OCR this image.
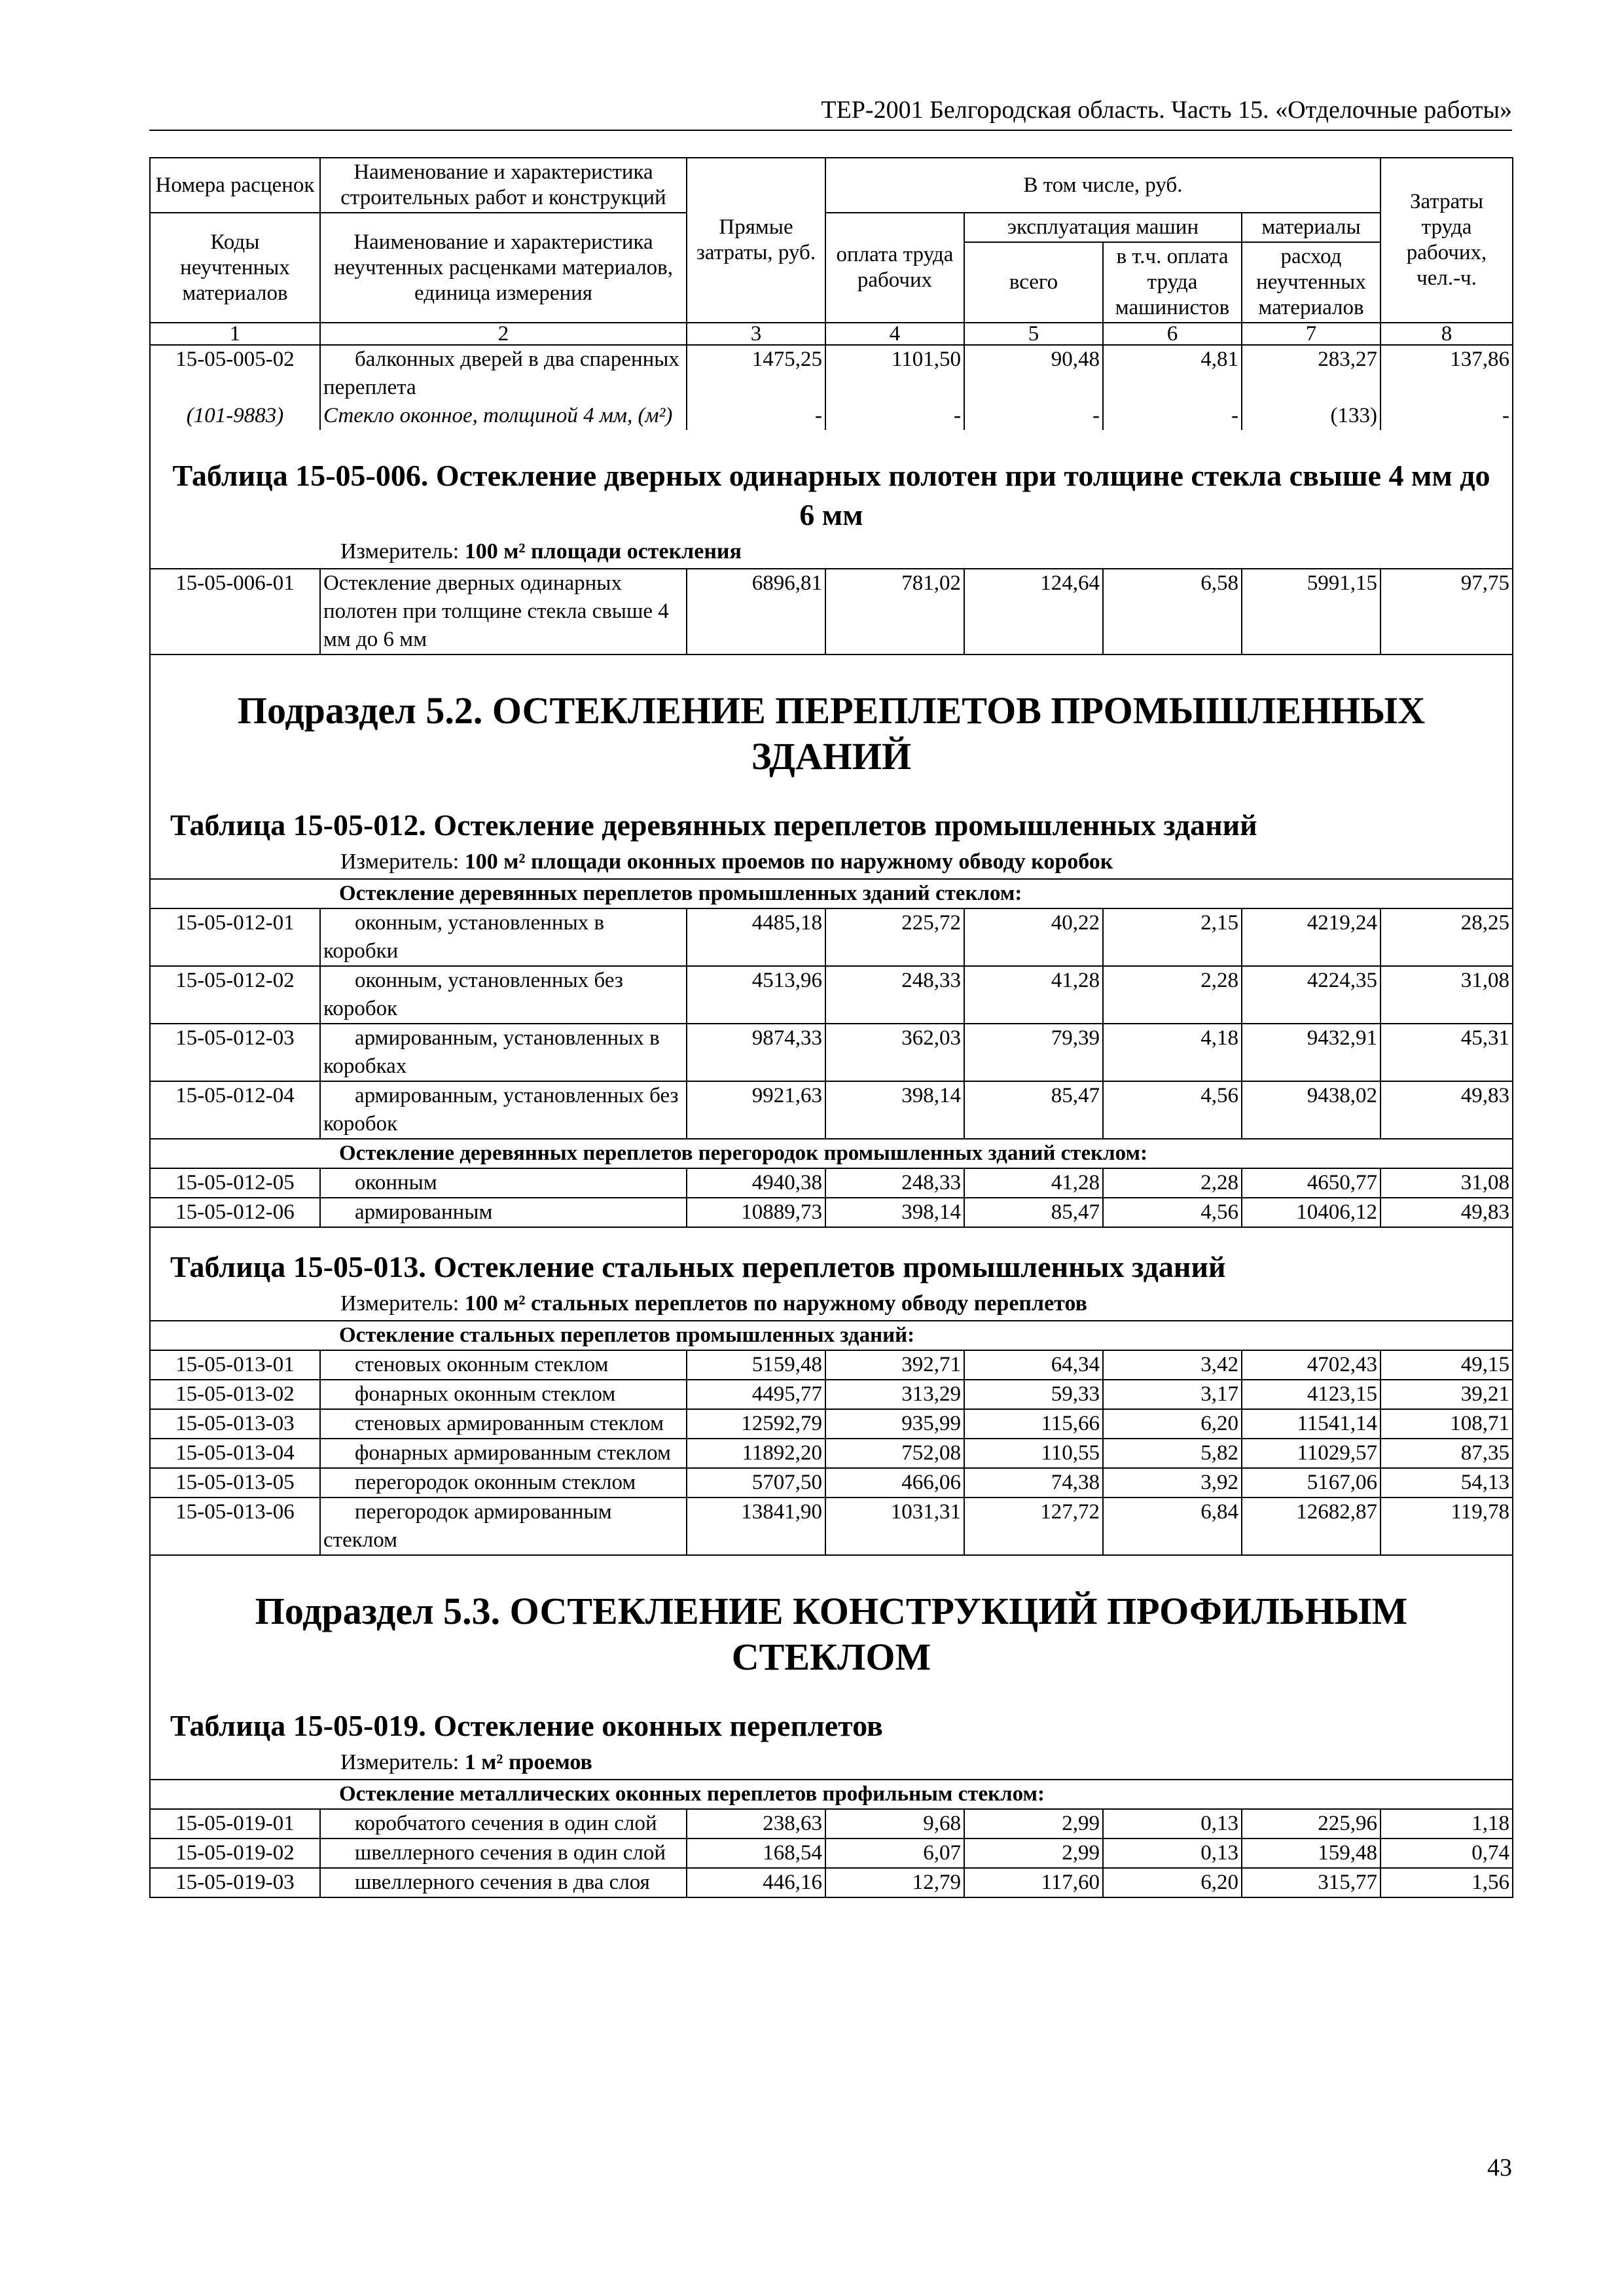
ТЕР-2001 Белгородская область. Часть 15. «Отделочные работы»
Номера расценок	Наименование и характеристика строительных работ и конструкций	Прямые затраты, руб.	В том числе, руб.				Затраты труда рабочих, чел.-ч.
Коды неучтенных материалов	Наименование и характеристика неучтенных расценками материалов, единица измерения		оплата труда рабочих	эксплуатация машин		материалы	
				всего	в т.ч. оплата труда машинистов	расход неучтенных материалов	
1	2	3	4	5	6	7	8
15-05-005-02	балконных дверей в два спаренных переплета	1475,25	1101,50	90,48	4,81	283,27	137,86
(101-9883)	Стекло оконное, толщиной 4 мм, (м²)	-	-	-	-	(133)	-

Таблица 15-05-006. Остекление дверных одинарных полотен при толщине стекла свыше 4 мм до 6 мм
Измеритель: 100 м² площади остекления							

15-05-006-01	Остекление дверных одинарных полотен при толщине стекла свыше 4 мм до 6 мм	6896,81	781,02	124,64	6,58	5991,15	97,75

Подраздел 5.2. ОСТЕКЛЕНИЕ ПЕРЕПЛЕТОВ ПРОМЫШЛЕННЫХ ЗДАНИЙ
Таблица 15-05-012. Остекление деревянных переплетов промышленных зданий
Измеритель: 100 м² площади оконных проемов по наружному обводу коробок							

Остекление деревянных переплетов промышленных зданий стеклом:							
15-05-012-01	оконным, установленных в коробки	4485,18	225,72	40,22	2,15	4219,24	28,25
15-05-012-02	оконным, установленных без коробок	4513,96	248,33	41,28	2,28	4224,35	31,08
15-05-012-03	армированным, установленных в коробках	9874,33	362,03	79,39	4,18	9432,91	45,31
15-05-012-04	армированным, установленных без коробок	9921,63	398,14	85,47	4,56	9438,02	49,83
Остекление деревянных переплетов перегородок промышленных зданий стеклом:							
15-05-012-05	оконным	4940,38	248,33	41,28	2,28	4650,77	31,08
15-05-012-06	армированным	10889,73	398,14	85,47	4,56	10406,12	49,83

Таблица 15-05-013. Остекление стальных переплетов промышленных зданий
Измеритель: 100 м² стальных переплетов по наружному обводу переплетов							

Остекление стальных переплетов промышленных зданий:							
15-05-013-01	стеновых оконным стеклом	5159,48	392,71	64,34	3,42	4702,43	49,15
15-05-013-02	фонарных оконным стеклом	4495,77	313,29	59,33	3,17	4123,15	39,21
15-05-013-03	стеновых армированным стеклом	12592,79	935,99	115,66	6,20	11541,14	108,71
15-05-013-04	фонарных армированным стеклом	11892,20	752,08	110,55	5,82	11029,57	87,35
15-05-013-05	перегородок оконным стеклом	5707,50	466,06	74,38	3,92	5167,06	54,13
15-05-013-06	перегородок армированным стеклом	13841,90	1031,31	127,72	6,84	12682,87	119,78

Подраздел 5.3. ОСТЕКЛЕНИЕ КОНСТРУКЦИЙ ПРОФИЛЬНЫМ СТЕКЛОМ
Таблица 15-05-019. Остекление оконных переплетов
Измеритель: 1 м² проемов							

Остекление металлических оконных переплетов профильным стеклом:							
15-05-019-01	коробчатого сечения в один слой	238,63	9,68	2,99	0,13	225,96	1,18
15-05-019-02	швеллерного сечения в один слой	168,54	6,07	2,99	0,13	159,48	0,74
15-05-019-03	швеллерного сечения в два слоя	446,16	12,79	117,60	6,20	315,77	1,56
43
